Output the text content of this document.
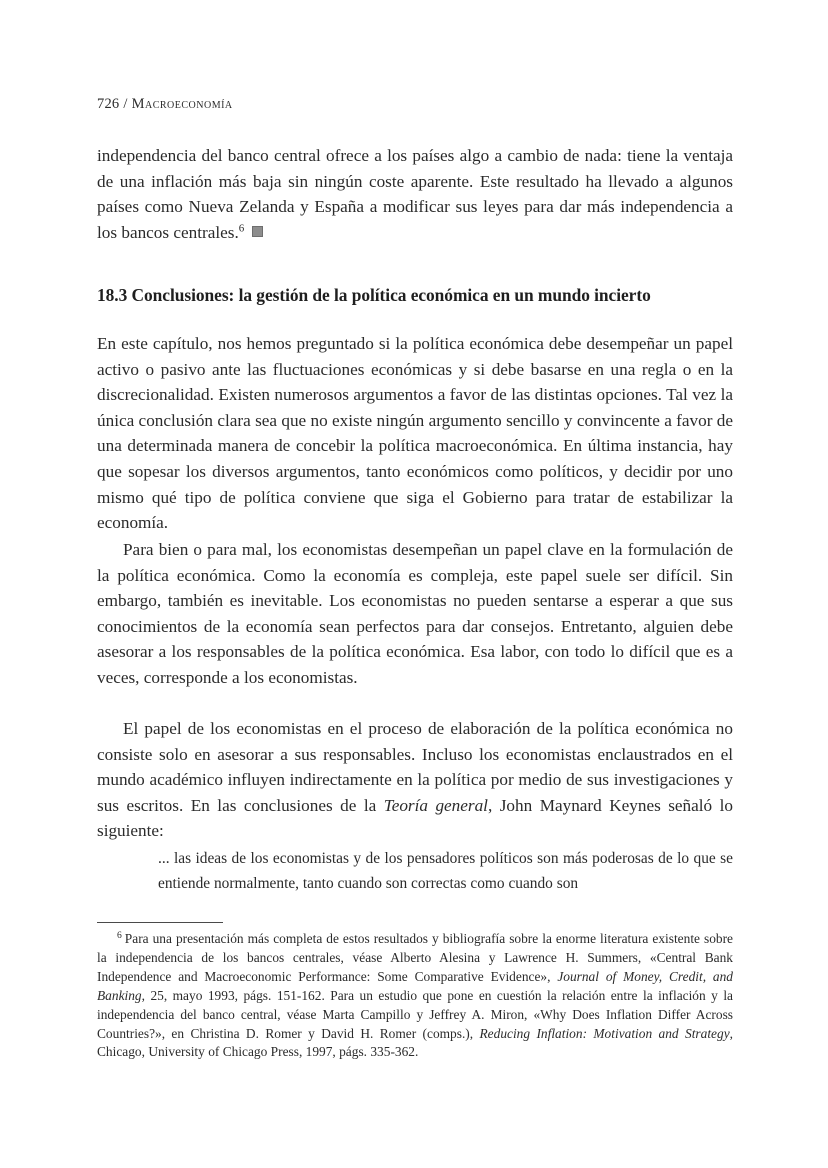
726 / Macroeconomía

independencia del banco central ofrece a los países algo a cambio de nada: tiene la ventaja de una inflación más baja sin ningún coste aparente. Este resultado ha llevado a algunos países como Nueva Zelanda y España a modificar sus leyes para dar más independencia a los bancos centrales.$^6$

18.3 Conclusiones: la gestión de la política económica en un mundo incierto

En este capítulo, nos hemos preguntado si la política económica debe desempeñar un papel activo o pasivo ante las fluctuaciones económicas y si debe basarse en una regla o en la discrecionalidad. Existen numerosos argumentos a favor de las distintas opciones. Tal vez la única conclusión clara sea que no existe ningún argumento sencillo y convincente a favor de una determinada manera de concebir la política macroeconómica. En última instancia, hay que sopesar los diversos argumentos, tanto económicos como políticos, y decidir por uno mismo qué tipo de política conviene que siga el Gobierno para tratar de estabilizar la economía.

Para bien o para mal, los economistas desempeñan un papel clave en la formulación de la política económica. Como la economía es compleja, este papel suele ser difícil. Sin embargo, también es inevitable. Los economistas no pueden sentarse a esperar a que sus conocimientos de la economía sean perfectos para dar consejos. Entretanto, alguien debe asesorar a los responsables de la política económica. Esa labor, con todo lo difícil que es a veces, corresponde a los economistas.

El papel de los economistas en el proceso de elaboración de la política económica no consiste solo en asesorar a sus responsables. Incluso los economistas enclaustrados en el mundo académico influyen indirectamente en la política por medio de sus investigaciones y sus escritos. En las conclusiones de la Teoría general, John Maynard Keynes señaló lo siguiente:

... las ideas de los economistas y de los pensadores políticos son más poderosas de lo que se entiende normalmente, tanto cuando son correctas como cuando son

$^6$ Para una presentación más completa de estos resultados y bibliografía sobre la enorme literatura existente sobre la independencia de los bancos centrales, véase Alberto Alesina y Lawrence H. Summers, «Central Bank Independence and Macroeconomic Performance: Some Comparative Evidence», Journal of Money, Credit, and Banking, 25, mayo 1993, págs. 151-162. Para un estudio que pone en cuestión la relación entre la inflación y la independencia del banco central, véase Marta Campillo y Jeffrey A. Miron, «Why Does Inflation Differ Across Countries?», en Christina D. Romer y David H. Romer (comps.), Reducing Inflation: Motivation and Strategy, Chicago, University of Chicago Press, 1997, págs. 335-362.
